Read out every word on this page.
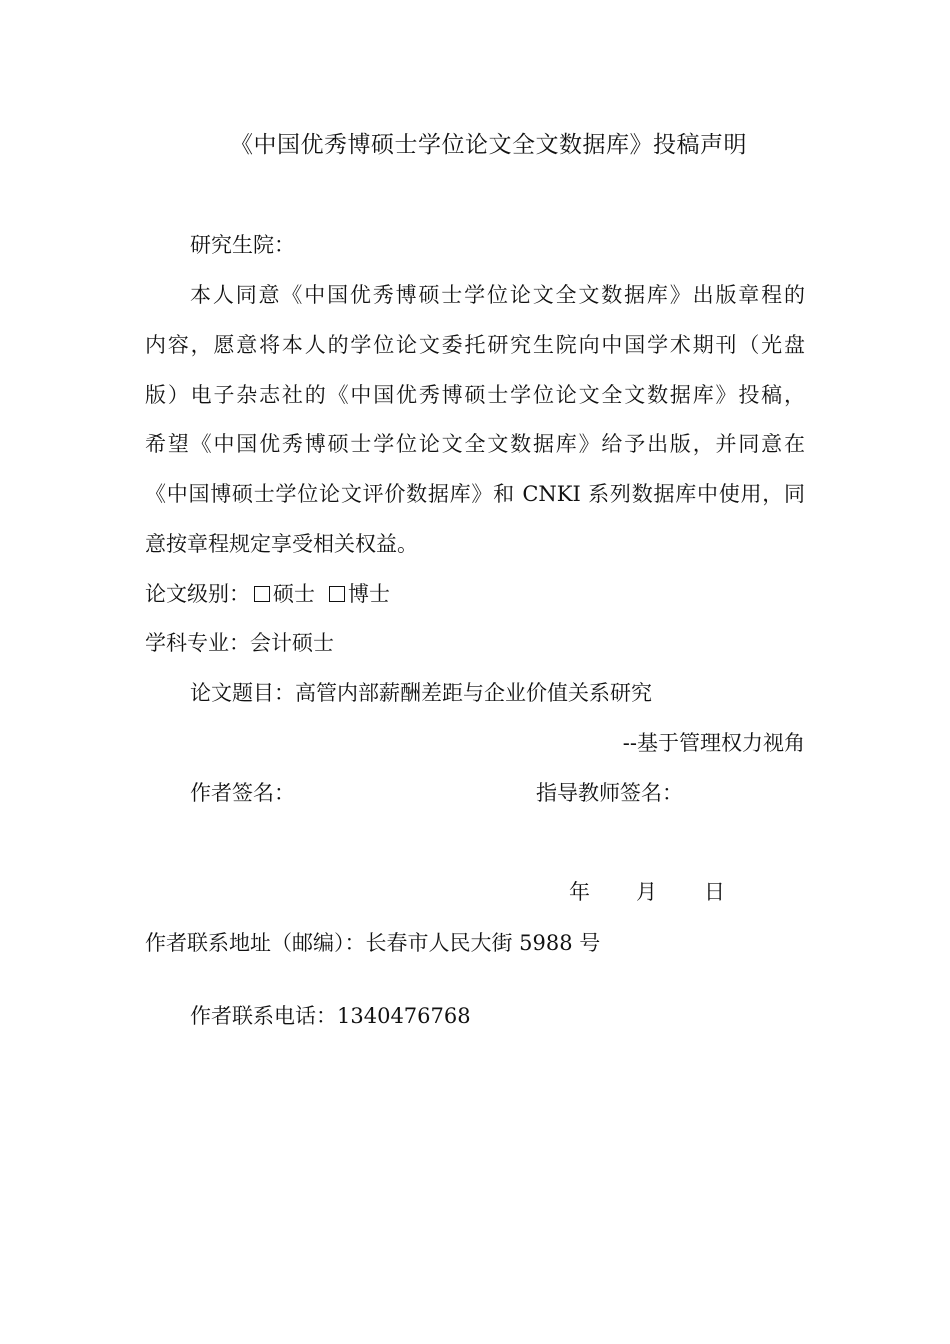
《中国优秀博硕士学位论文全文数据库》投稿声明
研究生院：
本人同意《中国优秀博硕士学位论文全文数据库》出版章程的
内容，愿意将本人的学位论文委托研究生院向中国学术期刊（光盘
版）电子杂志社的《中国优秀博硕士学位论文全文数据库》投稿，
希望《中国优秀博硕士学位论文全文数据库》给予出版，并同意在
《中国博硕士学位论文评价数据库》和 CNKI 系列数据库中使用，同
意按章程规定享受相关权益。
论文级别： 硕士 博士
学科专业：会计硕士
论文题目：高管内部薪酬差距与企业价值关系研究
--基于管理权力视角
作者签名：	指导教师签名：
年 月 日
作者联系地址（邮编）：长春市人民大街 5988 号
作者联系电话：1340476768
